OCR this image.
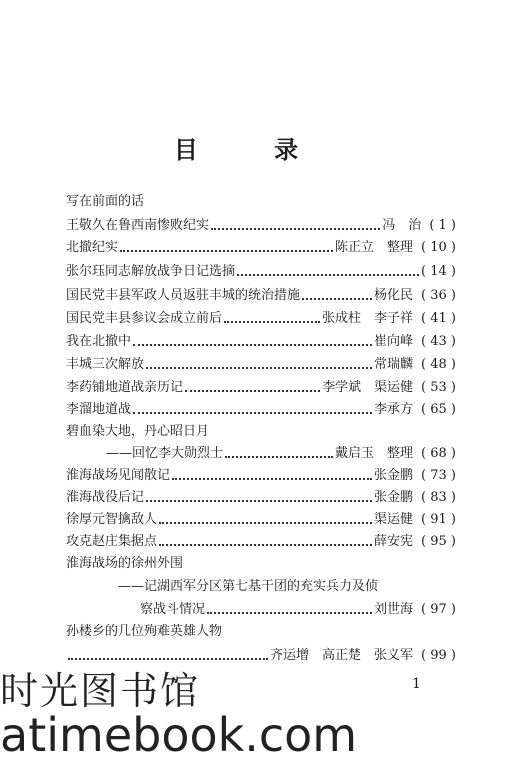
目 录
写在前面的话
王敬久在鲁西南惨败纪实	冯　治 ( 1 )
北撤纪实	陈正立　整理 ( 10 )
张尔珏同志解放战争日记选摘	( 14 )
国民党丰县军政人员返驻丰城的统治措施	杨化民 ( 36 )
国民党丰县参议会成立前后	张成柱　李子祥 ( 41 )
我在北撤中	崔向峰 ( 43 )
丰城三次解放	常瑞麟 ( 48 )
李药铺地道战亲历记	李学斌　渠运健 ( 53 )
李溜地道战	李承方 ( 65 )
碧血染大地，丹心昭日月
——回忆李大勋烈士	戴启玉　整理 ( 68 )
淮海战场见闻散记	张金鹏 ( 73 )
淮海战役后记	张金鹏 ( 83 )
徐厚元智擒敌人	渠运健 ( 91 )
攻克赵庄集据点	薛安宪 ( 95 )
淮海战场的徐州外围
——记湖西军分区第七基干团的充实兵力及侦
察战斗情况	刘世海 ( 97 )
孙楼乡的几位殉难英雄人物
齐运增　高正楚　张义军 ( 99 )
1
时光图书馆
atimebook.com
